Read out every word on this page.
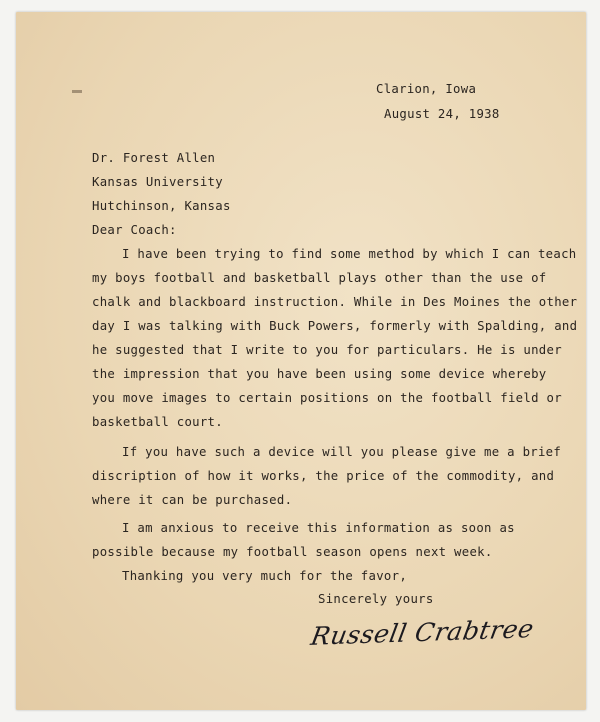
Clarion, Iowa
August 24, 1938
Dr. Forest Allen
Kansas University
Hutchinson, Kansas
Dear Coach:
I have been trying to find some method by which I can teach
my boys football and basketball plays other than the use of
chalk and blackboard instruction. While in Des Moines the other
day I was talking with Buck Powers, formerly with Spalding, and
he suggested that I write to you for particulars. He is under
the impression that you have been using some device whereby
you move images to certain positions on the football field or
basketball court.
If you have such a device will you please give me a brief
discription of how it works, the price of the commodity, and
where it can be purchased.
I am anxious to receive this information as soon as
possible because my football season opens next week.
Thanking you very much for the favor,
Sincerely yours
Russell Crabtree
